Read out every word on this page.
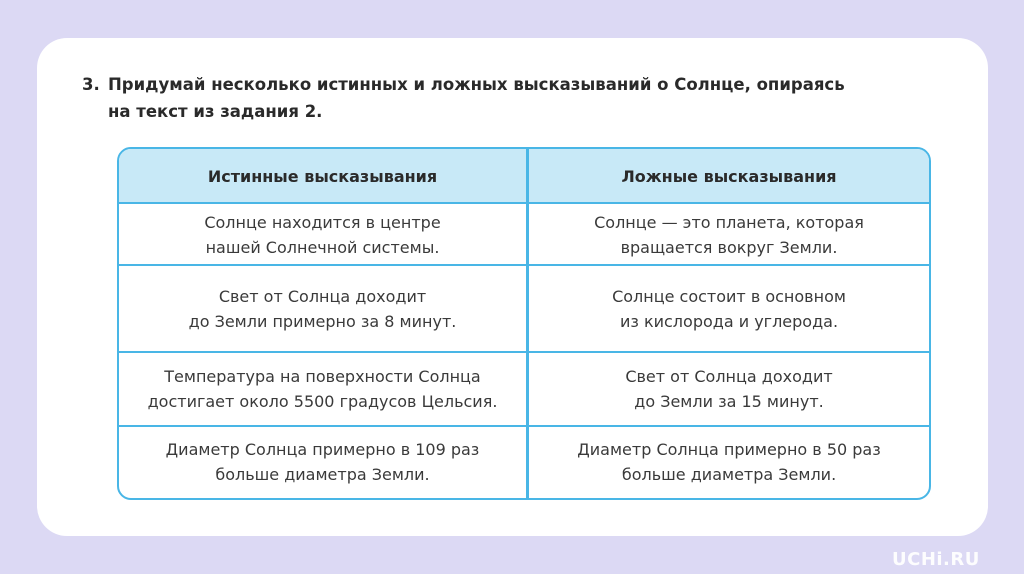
3. Придумай несколько истинных и ложных высказываний о Солнце, опираясь
на текст из задания 2.
Истинные высказывания	Ложные высказывания
Солнце находится в центре
нашей Солнечной системы.
Солнце — это планета, которая
вращается вокруг Земли.
Свет от Солнца доходит
до Земли примерно за 8 минут.
Солнце состоит в основном
из кислорода и углерода.
Температура на поверхности Солнца
достигает около 5500 градусов Цельсия.
Свет от Солнца доходит
до Земли за 15 минут.
Диаметр Солнца примерно в 109 раз
больше диаметра Земли.
Диаметр Солнца примерно в 50 раз
больше диаметра Земли.
UCHi.RU
